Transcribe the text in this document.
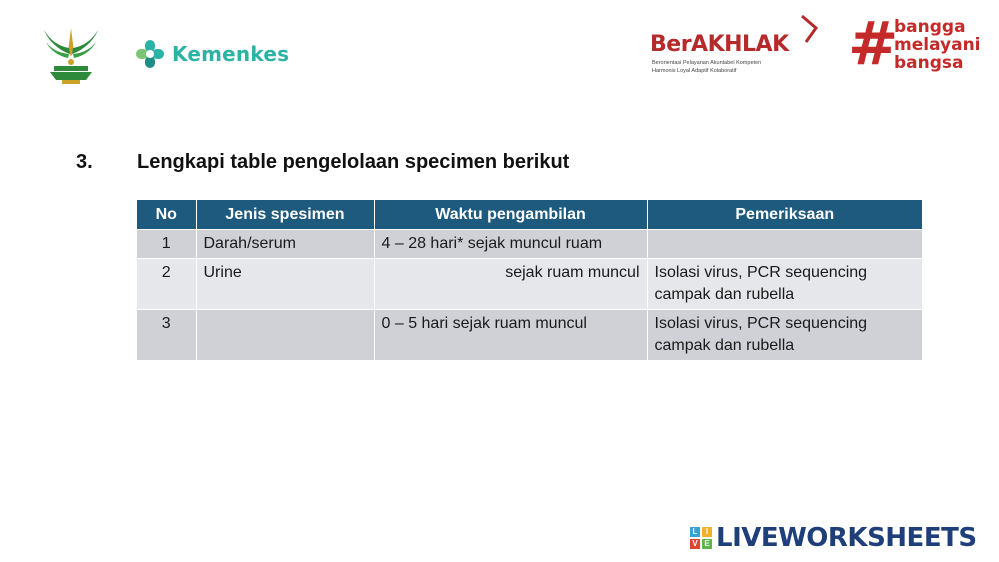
Kemenkes	BerAKHLAK
Berorientasi Pelayanan Akuntabel Kompeten
Harmonis Loyal Adaptif Kolaboratif #
bangga
melayani
bangsa
3. Lengkapi table pengelolaan specimen berikut
No	Jenis spesimen	Waktu pengambilan	Pemeriksaan
1	Darah/serum	4 – 28 hari* sejak muncul ruam	
2	Urine	sejak ruam muncul	Isolasi virus, PCR sequencing campak dan rubella
3		0 – 5 hari sejak ruam muncul	Isolasi virus, PCR sequencing campak dan rubella
L	I
V E LIVEWORKSHEETS
